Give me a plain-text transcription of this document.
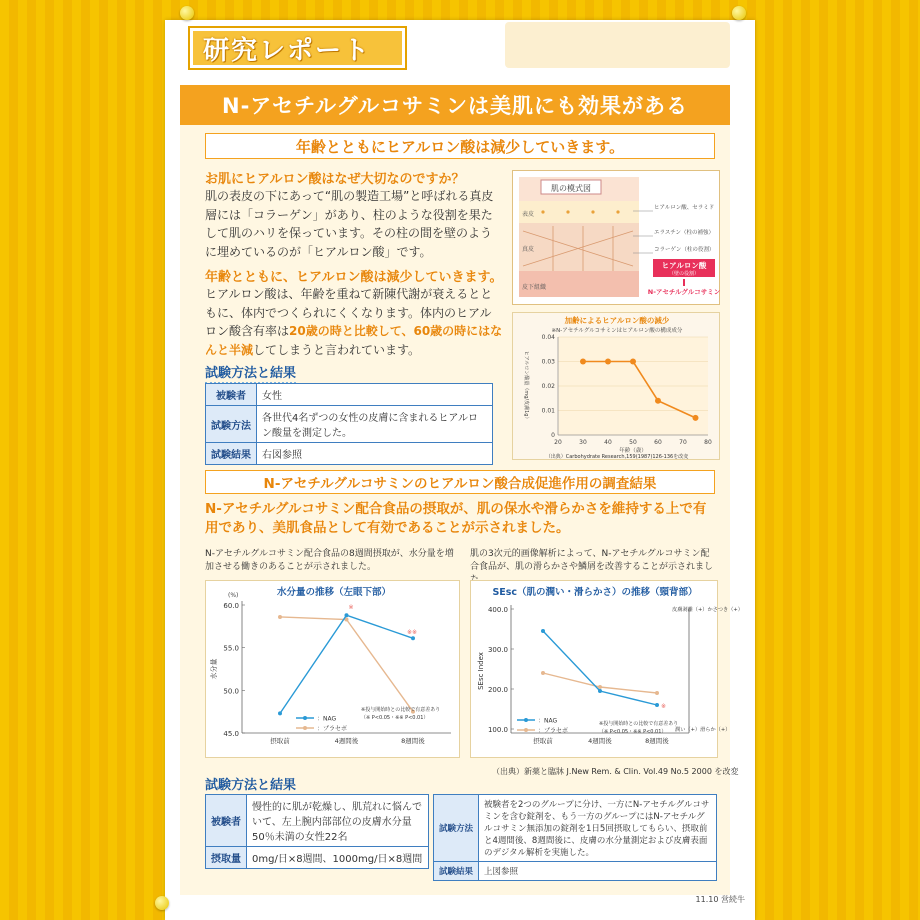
研究レポート
N-アセチルグルコサミンは美肌にも効果がある
年齢とともにヒアルロン酸は減少していきます。
お肌にヒアルロン酸はなぜ大切なのですか？
肌の表皮の下にあって“肌の製造工場”と呼ばれる真皮層には「コラーゲン」があり、柱のような役割を果たして肌のハリを保っています。その柱の間を壁のように埋めているのが「ヒアルロン酸」です。
年齢とともに、ヒアルロン酸は減少していきます。
ヒアルロン酸は、年齢を重ねて新陳代謝が衰えるとともに、体内でつくられにくくなります。体内のヒアルロン酸含有率は20歳の時と比較して、60歳の時にはなんと半減してしまうと言われています。
試験方法と結果
被験者	女性
試験方法	各世代4名ずつの女性の皮膚に含まれるヒアルロン酸量を測定した。
試験結果	右図参照
肌の模式図
表皮
真皮
皮下組織
ヒアルロン酸、セラミド
エラスチン（柱の補強）
コラーゲン（柱の役割）
ヒアルロン酸
（壁の役割）
N-アセチルグルコサミン
加齢によるヒアルロン酸の減少
※N-アセチルグルコサミンはヒアルロン酸の構成成分
0
0.01
0.02
0.03
0.04
20	30	40	50	60	70	80
年齢（歳）
ヒアルロン酸量（mg/皮膚1g）
（出典）Carbohydrate Research,159(1987)126-136を改変
N-アセチルグルコサミンのヒアルロン酸合成促進作用の調査結果
N-アセチルグルコサミン配合食品の摂取が、肌の保水や滑らかさを維持する上で有用であり、美肌食品として有効であることが示されました。
N-アセチルグルコサミン配合食品の8週間摂取が、水分量を増加させる働きのあることが示されました。
肌の3次元的画像解析によって、N-アセチルグルコサミン配合食品が、肌の滑らかさや鱗屑を改善することが示されまし
水分量の推移（左眼下部）
(%)
45.0
50.0
55.0
60.0
摂取前	4週間後	8週間後
水分量
：NAG
：プラセボ
※投与開始時との比較で有意差あり
（※ P<0.05・※※ P<0.01）
※
※※
SEsc（肌の潤い・滑らかさ）の推移（頸背部）
100.0
200.0
300.0
400.0
摂取前	4週間後	8週間後
SEsc Index
：NAG
：プラセボ
※投与開始時との比較で有意差あり
（※ P<0.05・※※ P<0.01）
皮膚剥離（+）かさつき（+）
潤い（+）滑らか（+）
※
（出典）新薬と臨牀 J.New Rem. & Clin. Vol.49 No.5 2000 を改変
試験方法と結果
被験者	慢性的に肌が乾燥し、肌荒れに悩んでいて、左上腕内部部位の皮膚水分量50％未満の女性22名
摂取量	0mg/日×8週間、1000mg/日×8週間
試験方法	被験者を2つのグループに分け、一方にN-アセチルグルコサミンを含む錠剤を、もう一方のグループにはN-アセチルグルコサミン無添加の錠剤を1日5回摂取してもらい、摂取前と4週間後、8週間後に、皮膚の水分量測定および皮膚表面のデジタル解析を実施した。
試験結果	上図参照
11.10 営続牛
